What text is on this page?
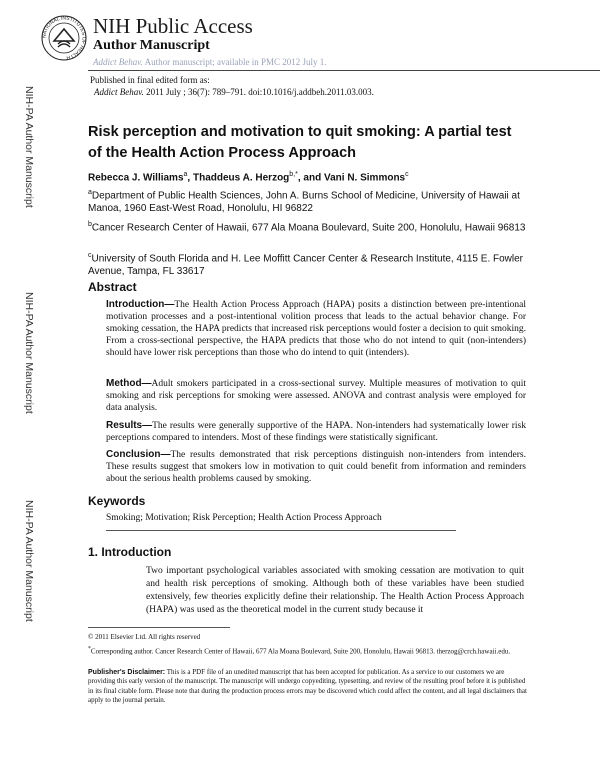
NATIONAL INSTITUTES OF HEALTH
NIH Public Access
Author Manuscript
Addict Behav. Author manuscript; available in PMC 2012 July 1.
Published in final edited form as:
Addict Behav. 2011 July ; 36(7): 789–791. doi:10.1016/j.addbeh.2011.03.003.
NIH-PA Author Manuscript
NIH-PA Author Manuscript
NIH-PA Author Manuscript
Risk perception and motivation to quit smoking: A partial test of the Health Action Process Approach
Rebecca J. Williams$^a$, Thaddeus A. Herzog$^{b,*}$, and Vani N. Simmons$^c$
$^a$Department of Public Health Sciences, John A. Burns School of Medicine, University of Hawaii at Manoa, 1960 East-West Road, Honolulu, HI 96822
$^b$Cancer Research Center of Hawaii, 677 Ala Moana Boulevard, Suite 200, Honolulu, Hawaii 96813
$^c$University of South Florida and H. Lee Moffitt Cancer Center & Research Institute, 4115 E. Fowler Avenue, Tampa, FL 33617
Abstract
Introduction—The Health Action Process Approach (HAPA) posits a distinction between pre-intentional motivation processes and a post-intentional volition process that leads to the actual behavior change. For smoking cessation, the HAPA predicts that increased risk perceptions would foster a decision to quit smoking. From a cross-sectional perspective, the HAPA predicts that those who do not intend to quit (non-intenders) should have lower risk perceptions than those who do intend to quit (intenders).
Method—Adult smokers participated in a cross-sectional survey. Multiple measures of motivation to quit smoking and risk perceptions for smoking were assessed. ANOVA and contrast analysis were employed for data analysis.
Results—The results were generally supportive of the HAPA. Non-intenders had systematically lower risk perceptions compared to intenders. Most of these findings were statistically significant.
Conclusion—The results demonstrated that risk perceptions distinguish non-intenders from intenders. These results suggest that smokers low in motivation to quit could benefit from information and reminders about the serious health problems caused by smoking.
Keywords
Smoking; Motivation; Risk Perception; Health Action Process Approach
1. Introduction
Two important psychological variables associated with smoking cessation are motivation to quit and health risk perceptions of smoking. Although both of these variables have been studied extensively, few theories explicitly define their relationship. The Health Action Process Approach (HAPA) was used as the theoretical model in the current study because it
© 2011 Elsevier Ltd. All rights reserved
*Corresponding author. Cancer Research Center of Hawaii, 677 Ala Moana Boulevard, Suite 200, Honolulu, Hawaii 96813. therzog@crch.hawaii.edu.
Publisher's Disclaimer: This is a PDF file of an unedited manuscript that has been accepted for publication. As a service to our customers we are providing this early version of the manuscript. The manuscript will undergo copyediting, typesetting, and review of the resulting proof before it is published in its final citable form. Please note that during the production process errors may be discovered which could affect the content, and all legal disclaimers that apply to the journal pertain.
